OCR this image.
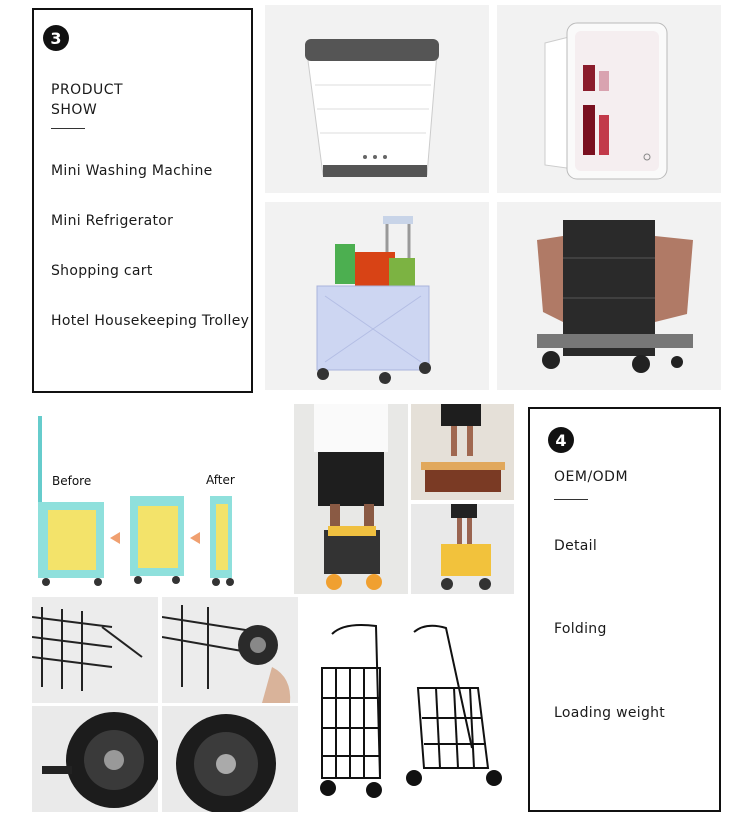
3
PRODUCT
SHOW
Mini Washing Machine
Mini Refrigerator
Shopping cart
Hotel Housekeeping Trolley
Before	After
4
OEM/ODM
Detail
Folding
Loading weight
